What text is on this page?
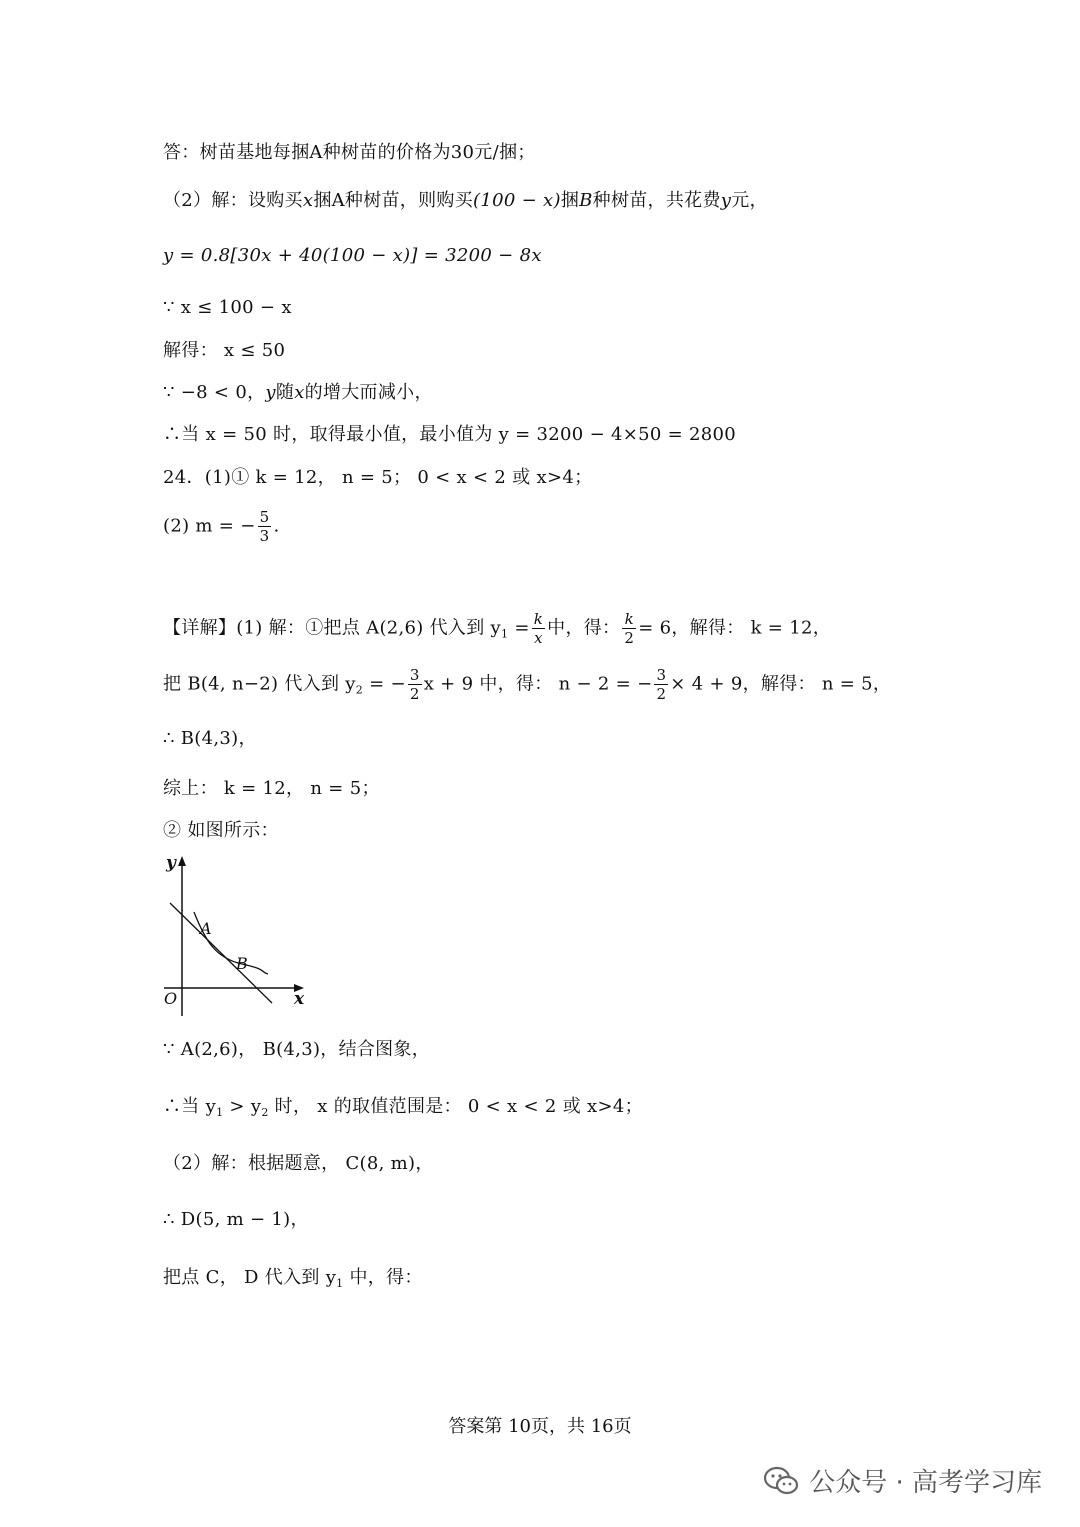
答：树苗基地每捆A种树苗的价格为30元/捆；
（2）解：设购买x捆A种树苗，则购买(100 − x)捆B种树苗，共花费y元，
y = 0.8[30x + 40(100 − x)] = 3200 − 8x
∵ x ≤ 100 − x
解得： x ≤ 50
∵ −8 < 0，y随x的增大而减小，
∴当 x = 50 时，取得最小值，最小值为 y = 3200 − 4×50 = 2800
24．(1)① k = 12， n = 5； 0 < x < 2 或 x>4；
(2) m = − $\frac{5}{3}$ .
【详解】(1) 解：①把点 A(2,6) 代入到 $y_1 = \frac{k}{x}$ 中，得： $\frac{k}{2} = 6$，解得： k = 12，
把 B(4, n−2) 代入到 $y_2$ = − $\frac{3}{2}$ x + 9 中，得： n − 2 = − $\frac{3}{2} \times 4 + 9$，解得： n = 5，
∴ B(4,3)，
综上： k = 12， n = 5；
② 如图所示：
y
x
O
A
B
∵ A(2,6)， B(4,3)，结合图象，
∴当 $y_1 > y_2$ 时， x 的取值范围是： 0 < x < 2 或 x>4；
（2）解：根据题意， C(8, m)，
∴ D(5, m − 1)，
把点 C， D 代入到 $y_1$ 中，得：
答案第 10页，共 16页
公众号 · 高考学习库
